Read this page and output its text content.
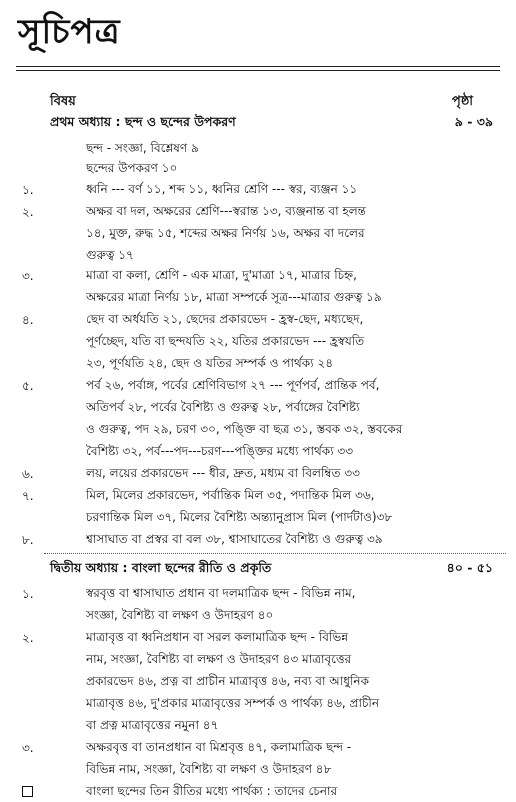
সূচিপত্র
বিষয়	পৃষ্ঠা
প্রথম অধ্যায় : ছন্দ ও ছন্দের উপকরণ	৯ - ৩৯
ছন্দ - সংজ্ঞা, বিশ্লেষণ ৯
ছন্দের উপকরণ ১০
১.	ধ্বনি --- বর্ণ ১১, শব্দ ১১, ধ্বনির শ্রেণি --- স্বর, ব্যঞ্জন ১১
২.	অক্ষর বা দল, অক্ষরের শ্রেণি---স্বরান্ত ১৩, ব্যঞ্জনান্ত বা হলন্ত
১৪, মুক্ত, রুদ্ধ ১৫, শব্দের অক্ষর নির্ণয় ১৬, অক্ষর বা দলের
গুরুত্ব ১৭
৩.	মাত্রা বা কলা, শ্রেণি - এক মাত্রা, দু'মাত্রা ১৭, মাত্রার চিহ্ন,
অক্ষরের মাত্রা নির্ণয় ১৮, মাত্রা সম্পর্কে সূত্র---মাত্রার গুরুত্ব ১৯
৪.	ছেদ বা অর্ধযতি ২১, ছেদের প্রকারভেদ - হ্রস্ব-ছেদ, মধ্যছেদ,
পূর্ণচ্ছেদ, যতি বা ছন্দযতি ২২, যতির প্রকারভেদ --- হ্রস্বযতি
২৩, পূর্ণযতি ২৪, ছেদ ও যতির সম্পর্ক ও পার্থক্য ২৪
৫.	পর্ব ২৬, পর্বাঙ্গ, পর্বের শ্রেণিবিভাগ ২৭ --- পূর্ণপর্ব, প্রান্তিক পর্ব,
অতিপর্ব ২৮, পর্বের বৈশিষ্ট্য ও গুরুত্ব ২৮, পর্বাঙ্গের বৈশিষ্ট্য
ও গুরুত্ব, পদ ২৯, চরণ ৩০, পঙ্ক্তি বা ছত্র ৩১, স্তবক ৩২, স্তবকের
বৈশিষ্ট্য ৩২, পর্ব---পদ---চরণ---পঙ্ক্তির মধ্যে পার্থক্য ৩৩
৬.	লয়, লয়ের প্রকারভেদ --- ধীর, দ্রুত, মধ্যম বা বিলম্বিত ৩৩
৭.	মিল, মিলের প্রকারভেদ, পর্বান্তিক মিল ৩৫, পদান্তিক মিল ৩৬,
চরণান্তিক মিল ৩৭, মিলের বৈশিষ্ট্য অন্ত্যানুপ্রাস মিল (পার্দটাও)৩৮
৮.	শ্বাসাঘাত বা প্রস্বর বা বল ৩৮, শ্বাসাঘাতের বৈশিষ্ট্য ও গুরুত্ব ৩৯
দ্বিতীয় অধ্যায় : বাংলা ছন্দের রীতি ও প্রকৃতি	৪০ - ৫১
১.	স্বরবৃত্ত বা শ্বাসাঘাত প্রধান বা দলমাত্রিক ছন্দ - বিভিন্ন নাম,
সংজ্ঞা, বৈশিষ্ট্য বা লক্ষণ ও উদাহরণ ৪০
২.	মাত্রাবৃত্ত বা ধ্বনিপ্রধান বা সরল কলামাত্রিক ছন্দ - বিভিন্ন
নাম, সংজ্ঞা, বৈশিষ্ট্য বা লক্ষণ ও উদাহরণ ৪৩ মাত্রাবৃত্তের
প্রকারভেদ ৪৬, প্রত্ন বা প্রাচীন মাত্রাবৃত্ত ৪৬, নব্য বা আধুনিক
মাত্রাবৃত্ত ৪৬, দু'প্রকার মাত্রাবৃত্তের সম্পর্ক ও পার্থক্য ৪৬, প্রাচীন
বা প্রত্ন মাত্রাবৃত্তের নমুনা ৪৭
৩.	অক্ষরবৃত্ত বা তানপ্রধান বা মিশ্রবৃত্ত ৪৭, কলামাত্রিক ছন্দ -
বিভিন্ন নাম, সংজ্ঞা, বৈশিষ্ট্য বা লক্ষণ ও উদাহরণ ৪৮
বাংলা ছন্দের তিন রীতির মধ্যে পার্থক্য : তাদের চেনার
